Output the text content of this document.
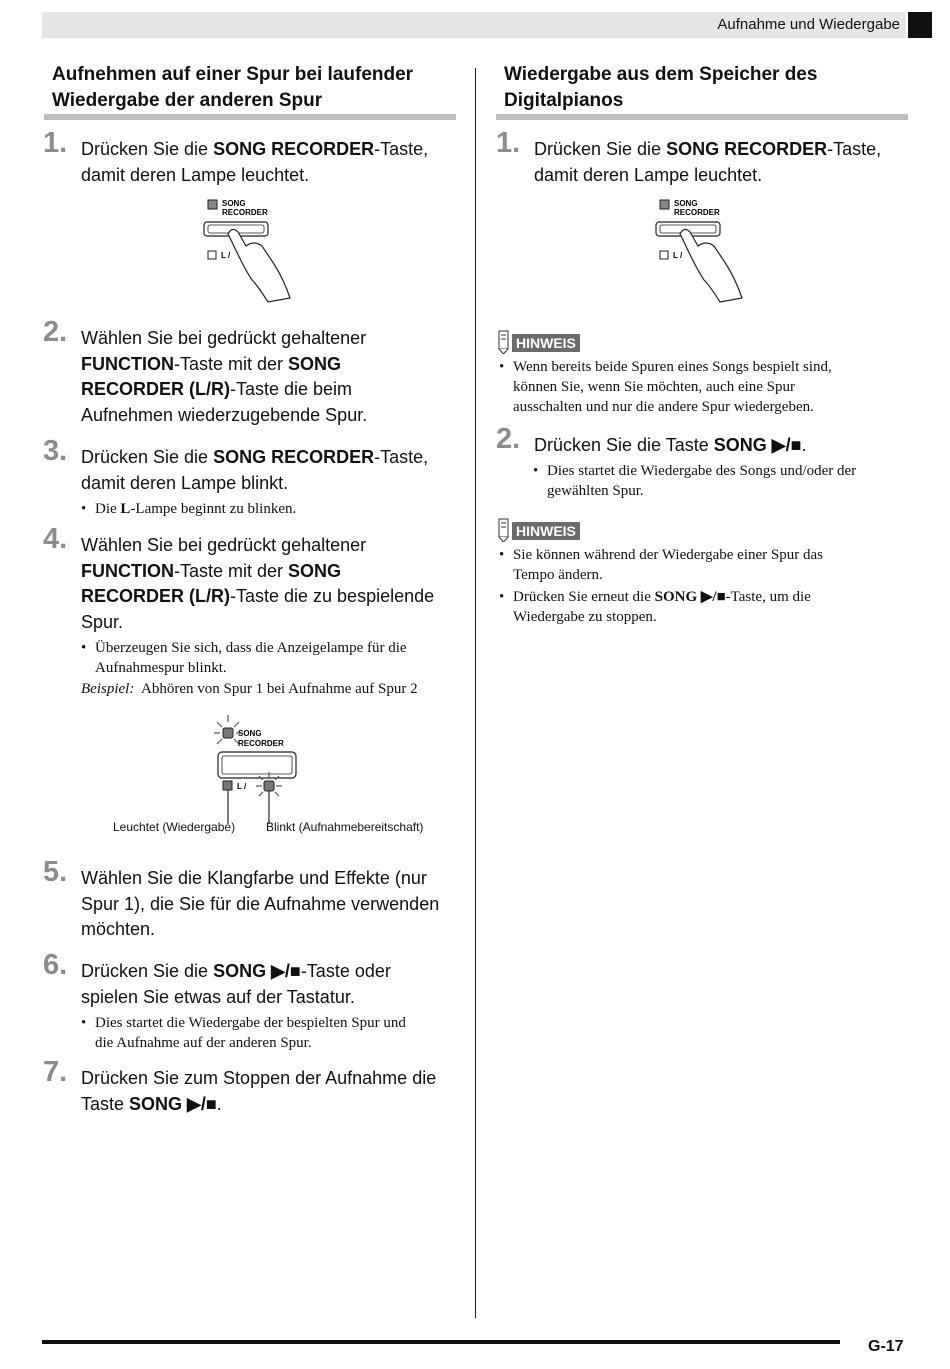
Aufnahme und Wiedergabe
Aufnehmen auf einer Spur bei laufender
Wiedergabe der anderen Spur
1. Drücken Sie die SONG RECORDER-Taste,
damit deren Lampe leuchtet.
SONG
RECORDER
L /
2. Wählen Sie bei gedrückt gehaltener
FUNCTION-Taste mit der SONG
RECORDER (L/R)-Taste die beim
Aufnehmen wiederzugebende Spur.
3. Drücken Sie die SONG RECORDER-Taste,
damit deren Lampe blinkt.
• Die L-Lampe beginnt zu blinken.
4. Wählen Sie bei gedrückt gehaltener
FUNCTION-Taste mit der SONG
RECORDER (L/R)-Taste die zu bespielende
Spur.
• Überzeugen Sie sich, dass die Anzeigelampe für die
Aufnahmespur blinkt.
Beispiel: Abhören von Spur 1 bei Aufnahme auf Spur 2
SONG
RECORDER
L /
Leuchtet (Wiedergabe)	Blinkt (Aufnahmebereitschaft)
5. Wählen Sie die Klangfarbe und Effekte (nur
Spur 1), die Sie für die Aufnahme verwenden
möchten.
6. Drücken Sie die SONG ▶/■-Taste oder
spielen Sie etwas auf der Tastatur.
• Dies startet die Wiedergabe der bespielten Spur und
die Aufnahme auf der anderen Spur.
7. Drücken Sie zum Stoppen der Aufnahme die
Taste SONG ▶/■.
Wiedergabe aus dem Speicher des
Digitalpianos
1. Drücken Sie die SONG RECORDER-Taste,
damit deren Lampe leuchtet.
SONG
RECORDER
L /
HINWEIS
• Wenn bereits beide Spuren eines Songs bespielt sind,
können Sie, wenn Sie möchten, auch eine Spur
ausschalten und nur die andere Spur wiedergeben.
2. Drücken Sie die Taste SONG ▶/■.
• Dies startet die Wiedergabe des Songs und/oder der
gewählten Spur.
HINWEIS
• Sie können während der Wiedergabe einer Spur das
Tempo ändern.
• Drücken Sie erneut die SONG ▶/■-Taste, um die
Wiedergabe zu stoppen.
G-17
